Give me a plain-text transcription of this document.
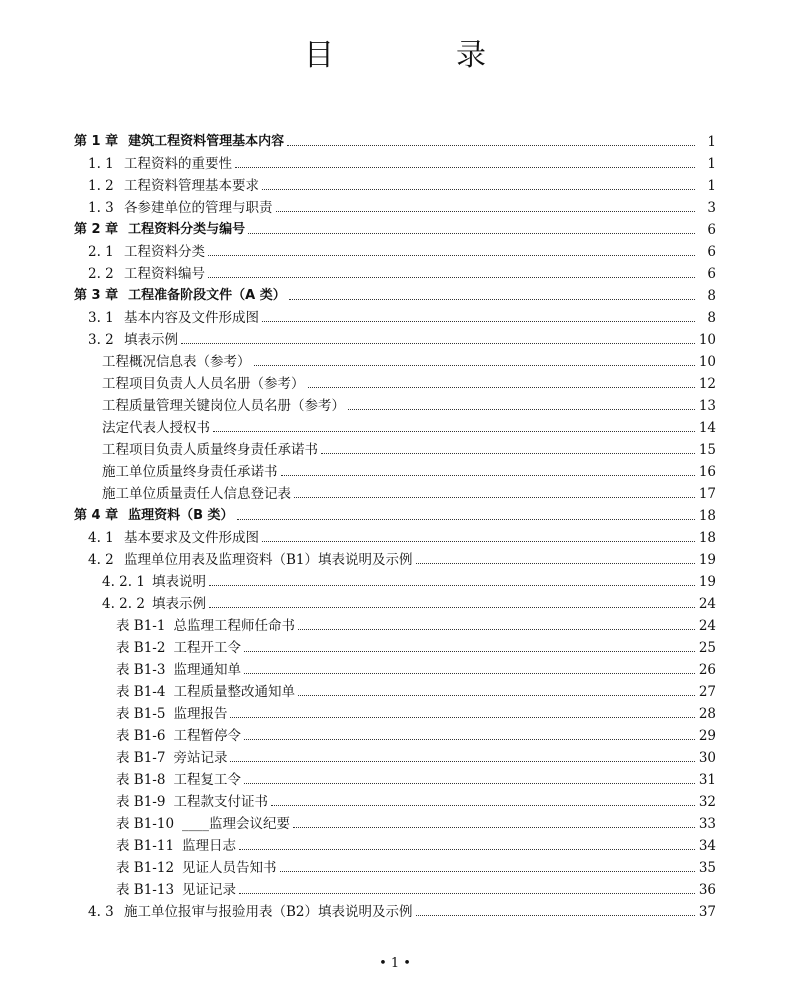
目　录
第 1 章 建筑工程资料管理基本内容	1
1. 1 工程资料的重要性	1
1. 2 工程资料管理基本要求	1
1. 3 各参建单位的管理与职责	3
第 2 章 工程资料分类与编号	6
2. 1 工程资料分类	6
2. 2 工程资料编号	6
第 3 章 工程准备阶段文件（A 类）	8
3. 1 基本内容及文件形成图	8
3. 2 填表示例	10
工程概况信息表（参考）	10
工程项目负责人人员名册（参考）	12
工程质量管理关键岗位人员名册（参考）	13
法定代表人授权书	14
工程项目负责人质量终身责任承诺书	15
施工单位质量终身责任承诺书	16
施工单位质量责任人信息登记表	17
第 4 章 监理资料（B 类）	18
4. 1 基本要求及文件形成图	18
4. 2 监理单位用表及监理资料（B1）填表说明及示例	19
4. 2. 1 填表说明	19
4. 2. 2 填表示例	24
表 B1-1 总监理工程师任命书	24
表 B1-2 工程开工令	25
表 B1-3 监理通知单	26
表 B1-4 工程质量整改通知单	27
表 B1-5 监理报告	28
表 B1-6 工程暂停令	29
表 B1-7 旁站记录	30
表 B1-8 工程复工令	31
表 B1-9 工程款支付证书	32
表 B1-10 ____监理会议纪要	33
表 B1-11 监理日志	34
表 B1-12 见证人员告知书	35
表 B1-13 见证记录	36
4. 3 施工单位报审与报验用表（B2）填表说明及示例	37
• 1 •
